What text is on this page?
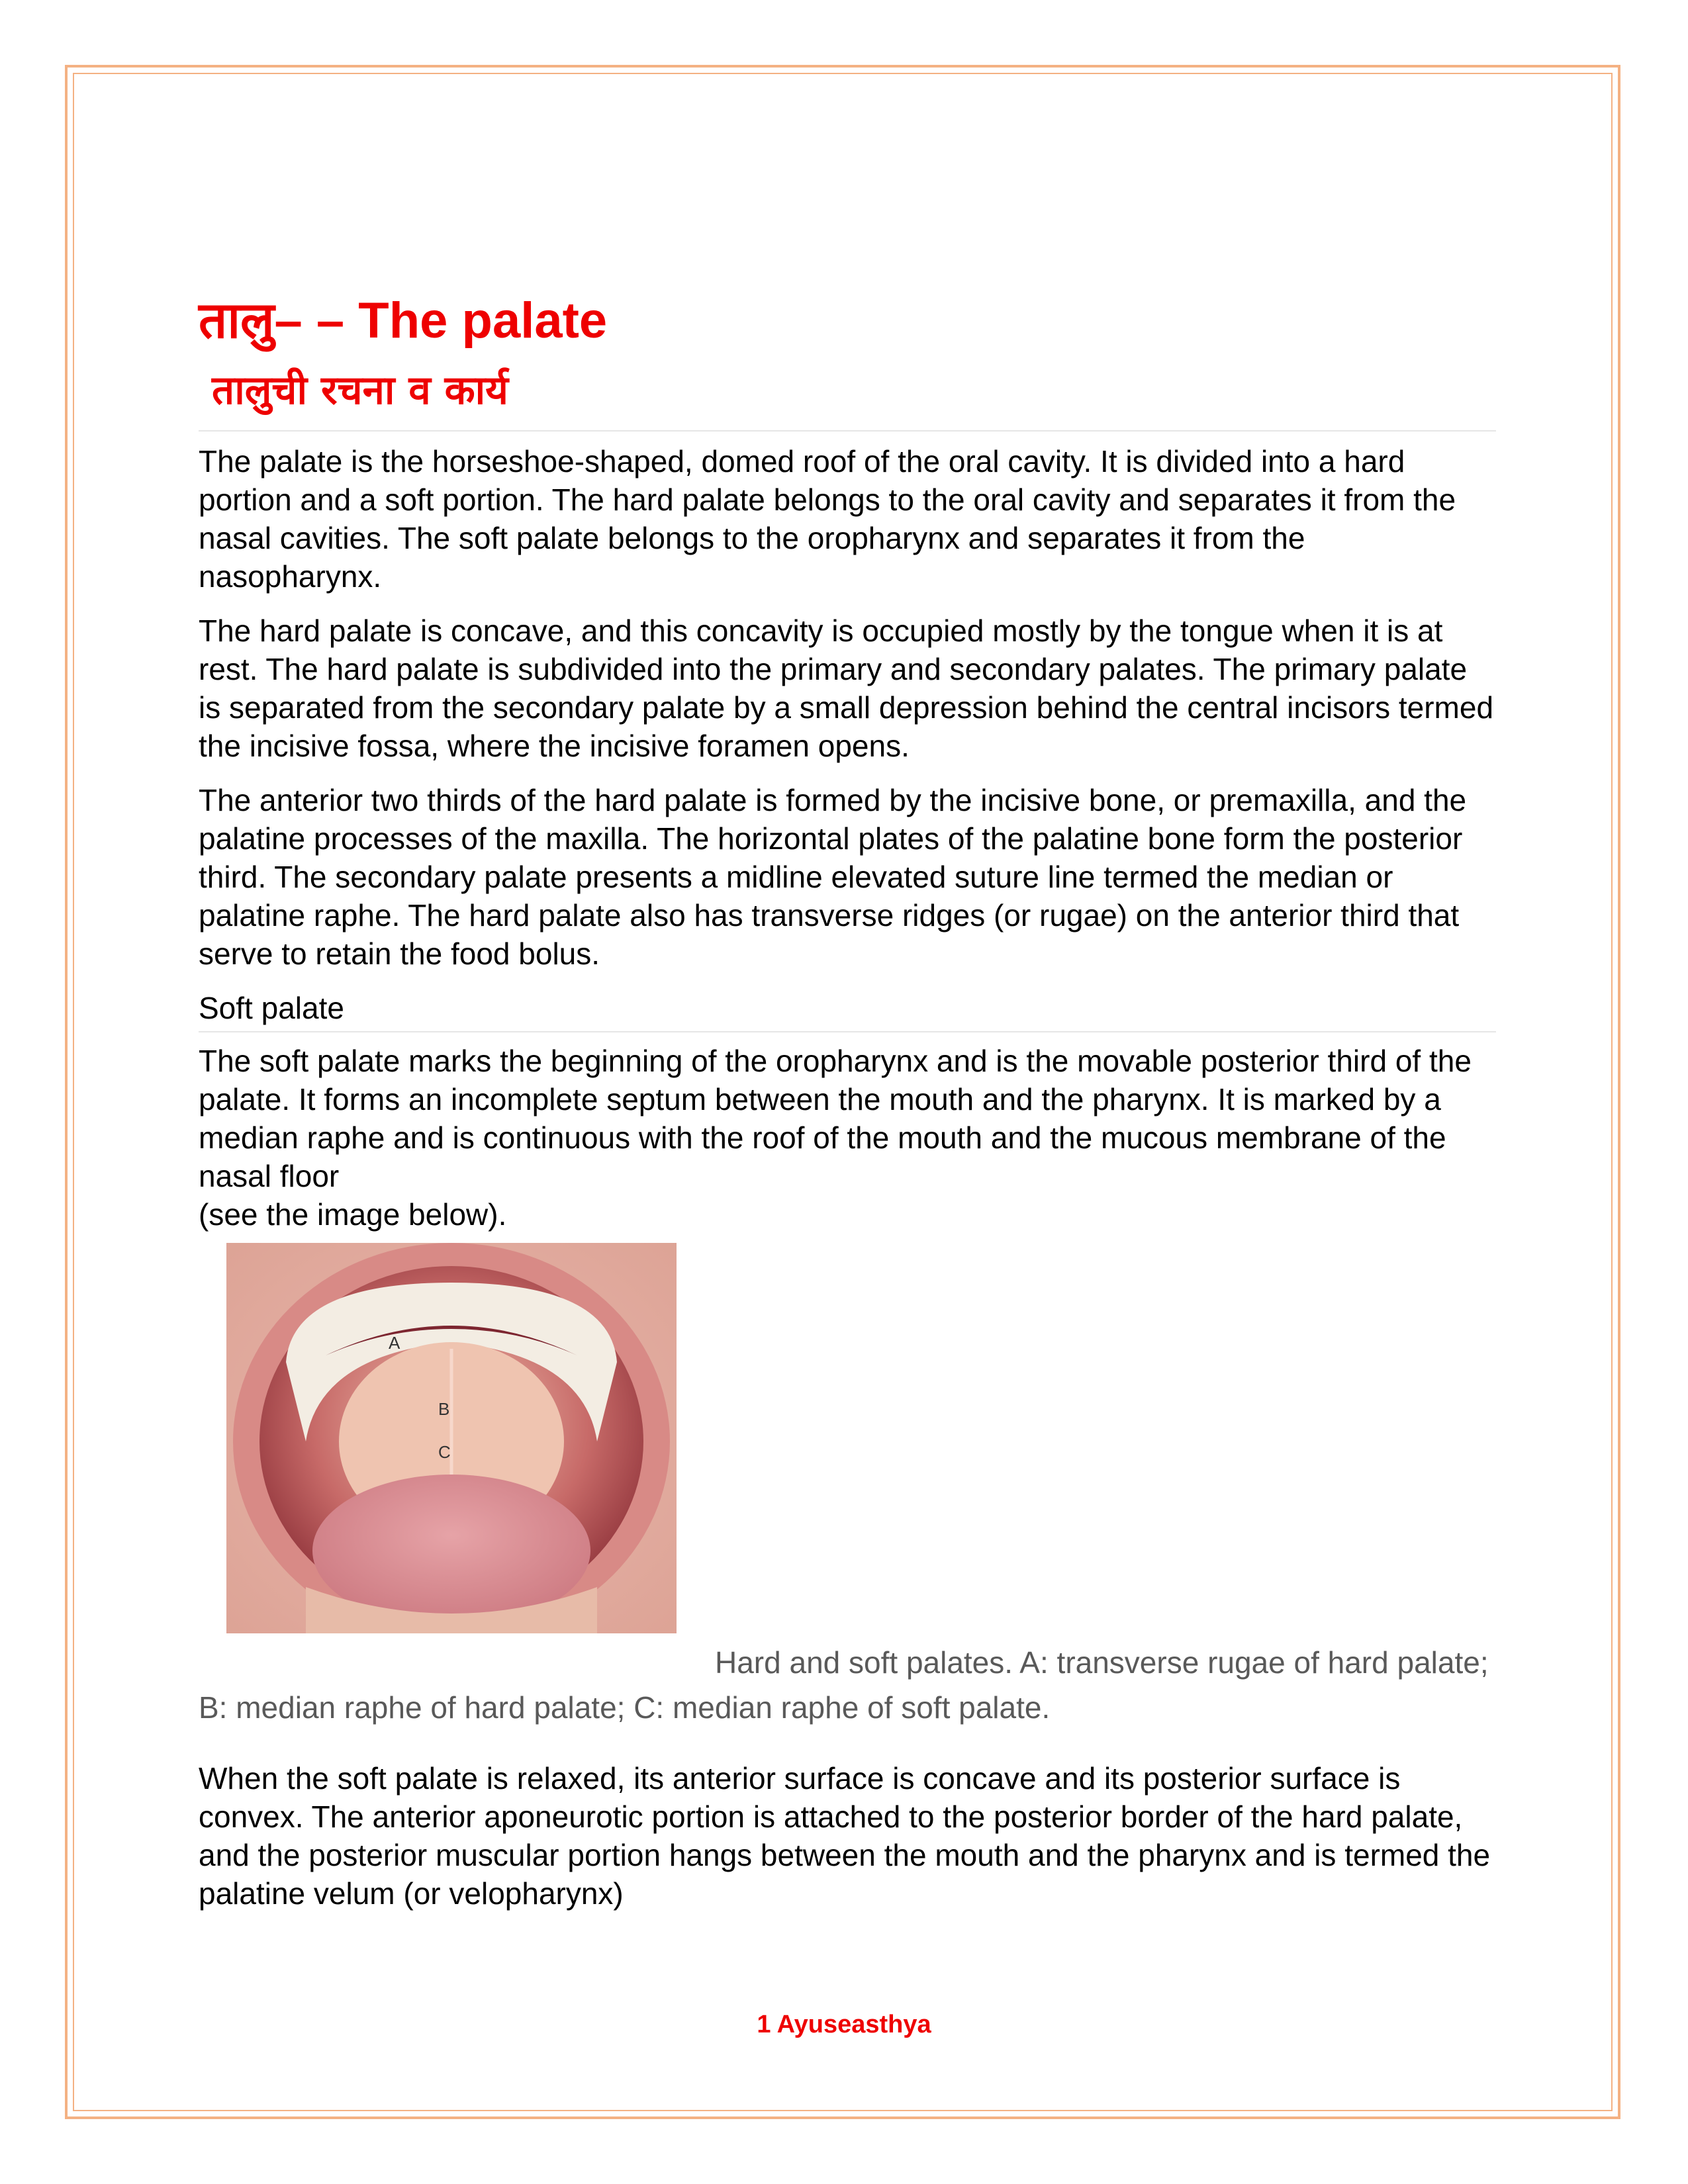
तालु– – The palate
तालुची रचना व कार्य

The palate is the horseshoe-shaped, domed roof of the oral cavity. It is divided into a hard portion and a soft portion. The hard palate belongs to the oral cavity and separates it from the nasal cavities. The soft palate belongs to the oropharynx and separates it from the nasopharynx.

The hard palate is concave, and this concavity is occupied mostly by the tongue when it is at rest. The hard palate is subdivided into the primary and secondary palates. The primary palate is separated from the secondary palate by a small depression behind the central incisors termed the incisive fossa, where the incisive foramen opens.

The anterior two thirds of the hard palate is formed by the incisive bone, or premaxilla, and the palatine processes of the maxilla. The horizontal plates of the palatine bone form the posterior third. The secondary palate presents a midline elevated suture line termed the median or palatine raphe. The hard palate also has transverse ridges (or rugae) on the anterior third that serve to retain the food bolus.

Soft palate

The soft palate marks the beginning of the oropharynx and is the movable posterior third of the palate. It forms an incomplete septum between the mouth and the pharynx. It is marked by a median raphe and is continuous with the roof of the mouth and the mucous membrane of the nasal floor
(see the image below).

A
B
C

Hard and soft palates. A: transverse rugae of hard palate; B: median raphe of hard palate; C: median raphe of soft palate.

When the soft palate is relaxed, its anterior surface is concave and its posterior surface is convex. The anterior aponeurotic portion is attached to the posterior border of the hard palate, and the posterior muscular portion hangs between the mouth and the pharynx and is termed the palatine velum (or velopharynx)

1 Ayuseasthya
